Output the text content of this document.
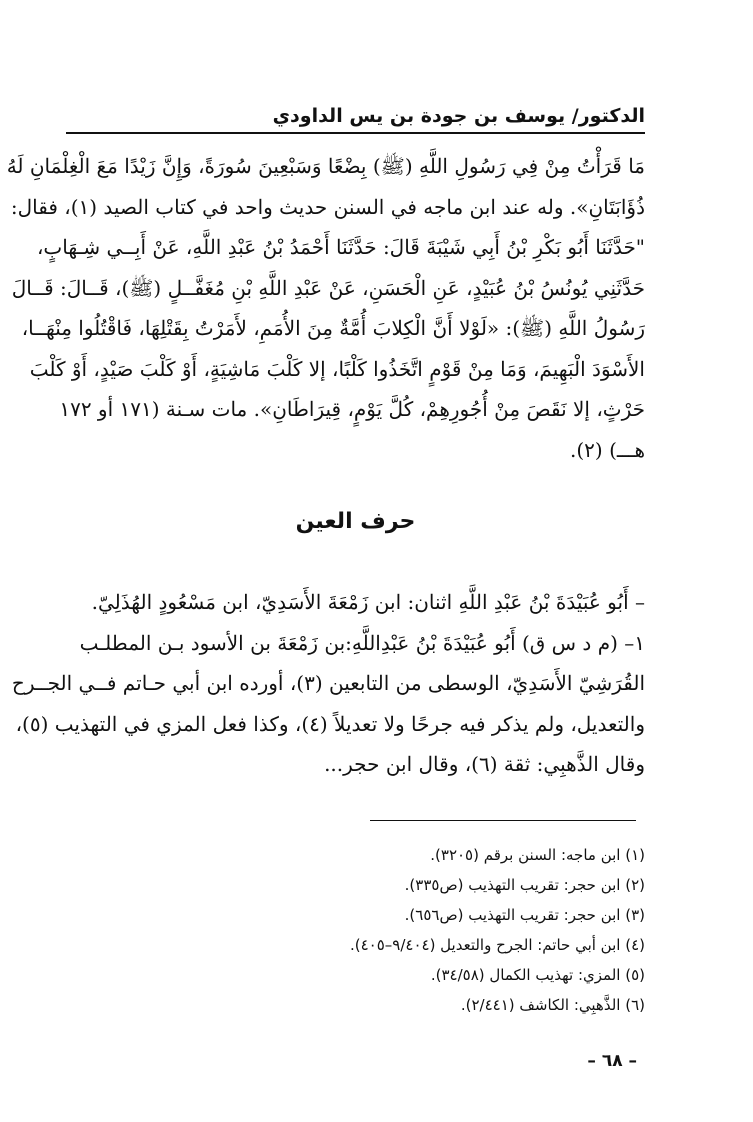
الدكتور/ يوسف بن جودة بن يس الداودي
مَا قَرَأْتُ مِنْ فِي رَسُولِ اللَّهِ (ﷺ) بِضْعًا وَسَبْعِينَ سُورَةً، وَإِنَّ زَيْدًا مَعَ الْغِلْمَانِ لَهُ
ذُؤَابَتَانِ». وله عند ابن ماجه في السنن حديث واحد في كتاب الصيد (١)، فقال:
"حَدَّثَنَا أَبُو بَكْرِ بْنُ أَبِي شَيْبَةَ قَالَ: حَدَّثَنَا أَحْمَدُ بْنُ عَبْدِ اللَّهِ، عَنْ أَبِــي شِـهَابٍ،
حَدَّثَنِي يُونُسُ بْنُ عُبَيْدٍ، عَنِ الْحَسَنِ، عَنْ عَبْدِ اللَّهِ بْنِ مُغَفَّــلٍ (ﷺ)، قَــالَ: قَــالَ
رَسُولُ اللَّهِ (ﷺ): «لَوْلا أَنَّ الْكِلابَ أُمَّةٌ مِنَ الأُمَمِ، لأَمَرْتُ بِقَتْلِهَا، فَاقْتُلُوا مِنْهَــا،
الأَسْوَدَ الْبَهِيمَ، وَمَا مِنْ قَوْمٍ اتَّخَذُوا كَلْبًا، إلا كَلْبَ مَاشِيَةٍ، أَوْ كَلْبَ صَيْدٍ، أَوْ كَلْبَ
حَرْثٍ، إلا نَقَصَ مِنْ أُجُورِهِمْ، كُلَّ يَوْمٍ، قِيرَاطَانِ». مات سـنة (١٧١ أو ١٧٢
هـــ) (٢).
حرف العين
– أَبُو عُبَيْدَةَ بْنُ عَبْدِ اللَّهِ اثنان: ابن زَمْعَةَ الأَسَدِيّ، ابن مَسْعُودٍ الهُذَلِيّ.
١– (م د س ق) أَبُو عُبَيْدَةَ بْنُ عَبْدِاللَّهِ:بن زَمْعَةَ بن الأسود بـن المطلـب
القُرَشِيّ الأَسَدِيّ، الوسطى من التابعين (٣)، أورده ابن أبي حـاتم فــي الجــرح
والتعديل، ولم يذكر فيه جرحًا ولا تعديلاً (٤)، وكذا فعل المزي في التهذيب (٥)،
وقال الذَّهبِي: ثقة (٦)، وقال ابن حجر...
(١) ابن ماجه: السنن برقم (٣٢٠٥).
(٢) ابن حجر: تقريب التهذيب (ص٣٣٥).
(٣) ابن حجر: تقريب التهذيب (ص٦٥٦).
(٤) ابن أبي حاتم: الجرح والتعديل (٩/٤٠٤–٤٠٥).
(٥) المزي: تهذيب الكمال (٣٤/٥٨).
(٦) الذَّهبِي: الكاشف (٢/٤٤١).
– ٦٨ –
